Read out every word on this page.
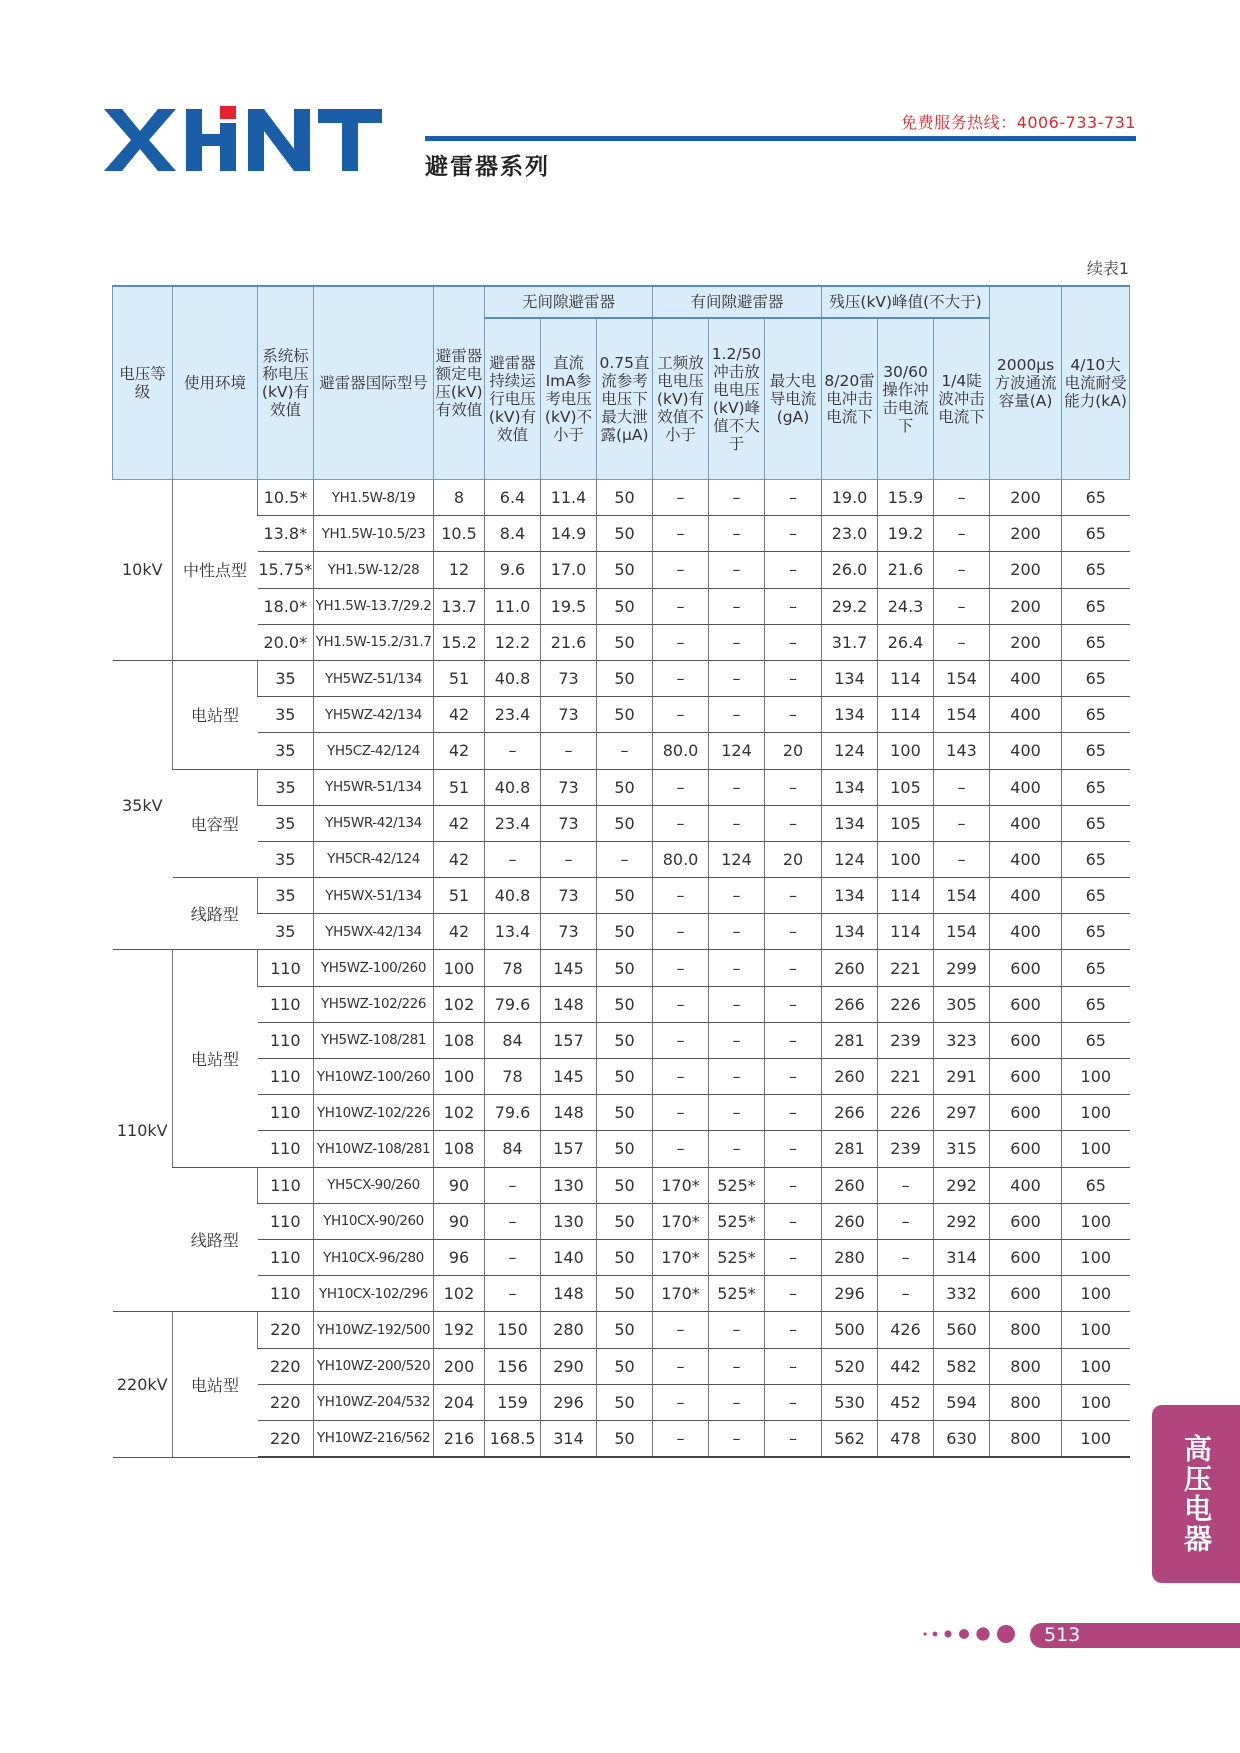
免费服务热线：4006-733-731
避雷器系列
续表1
电压等级	使用环境	系统标称电压(kV)有效值	避雷器国际型号	避雷器额定电压(kV)有效值	无间隙避雷器			有间隙避雷器			残压(kV)峰值(不大于)			2000μs方波通流容量(A)	4/10大电流耐受能力(kA)
					避雷器持续运行电压(kV)有效值	直流ImA参考电压(kV)不小于	0.75直流参考电压下最大泄露(μA)	工频放电电压(kV)有效值不小于	1.2/50冲击放电电压(kV)峰值不大于	最大电导电流(gA)	8/20雷电冲击电流下	30/60操作冲击电流下	1/4陡波冲击电流下		
10kV	中性点型	10.5*	YH1.5W-8/19	8	6.4	11.4	50	–	–	–	19.0	15.9	–	200	65
		13.8*	YH1.5W-10.5/23	10.5	8.4	14.9	50	–	–	–	23.0	19.2	–	200	65
		15.75*	YH1.5W-12/28	12	9.6	17.0	50	–	–	–	26.0	21.6	–	200	65
		18.0*	YH1.5W-13.7/29.2	13.7	11.0	19.5	50	–	–	–	29.2	24.3	–	200	65
		20.0*	YH1.5W-15.2/31.7	15.2	12.2	21.6	50	–	–	–	31.7	26.4	–	200	65
35kV	电站型	35	YH5WZ-51/134	51	40.8	73	50	–	–	–	134	114	154	400	65
		35	YH5WZ-42/134	42	23.4	73	50	–	–	–	134	114	154	400	65
		35	YH5CZ-42/124	42	–	–	–	80.0	124	20	124	100	143	400	65
	电容型	35	YH5WR-51/134	51	40.8	73	50	–	–	–	134	105	–	400	65
		35	YH5WR-42/134	42	23.4	73	50	–	–	–	134	105	–	400	65
		35	YH5CR-42/124	42	–	–	–	80.0	124	20	124	100	–	400	65
	线路型	35	YH5WX-51/134	51	40.8	73	50	–	–	–	134	114	154	400	65
		35	YH5WX-42/134	42	13.4	73	50	–	–	–	134	114	154	400	65
110kV	电站型	110	YH5WZ-100/260	100	78	145	50	–	–	–	260	221	299	600	65
		110	YH5WZ-102/226	102	79.6	148	50	–	–	–	266	226	305	600	65
		110	YH5WZ-108/281	108	84	157	50	–	–	–	281	239	323	600	65
		110	YH10WZ-100/260	100	78	145	50	–	–	–	260	221	291	600	100
		110	YH10WZ-102/226	102	79.6	148	50	–	–	–	266	226	297	600	100
		110	YH10WZ-108/281	108	84	157	50	–	–	–	281	239	315	600	100
	线路型	110	YH5CX-90/260	90	–	130	50	170*	525*	–	260	–	292	400	65
		110	YH10CX-90/260	90	–	130	50	170*	525*	–	260	–	292	600	100
		110	YH10CX-96/280	96	–	140	50	170*	525*	–	280	–	314	600	100
		110	YH10CX-102/296	102	–	148	50	170*	525*	–	296	–	332	600	100
220kV	电站型	220	YH10WZ-192/500	192	150	280	50	–	–	–	500	426	560	800	100
		220	YH10WZ-200/520	200	156	290	50	–	–	–	520	442	582	800	100
		220	YH10WZ-204/532	204	159	296	50	–	–	–	530	452	594	800	100
		220	YH10WZ-216/562	216	168.5	314	50	–	–	–	562	478	630	800	100 高压电器
513
